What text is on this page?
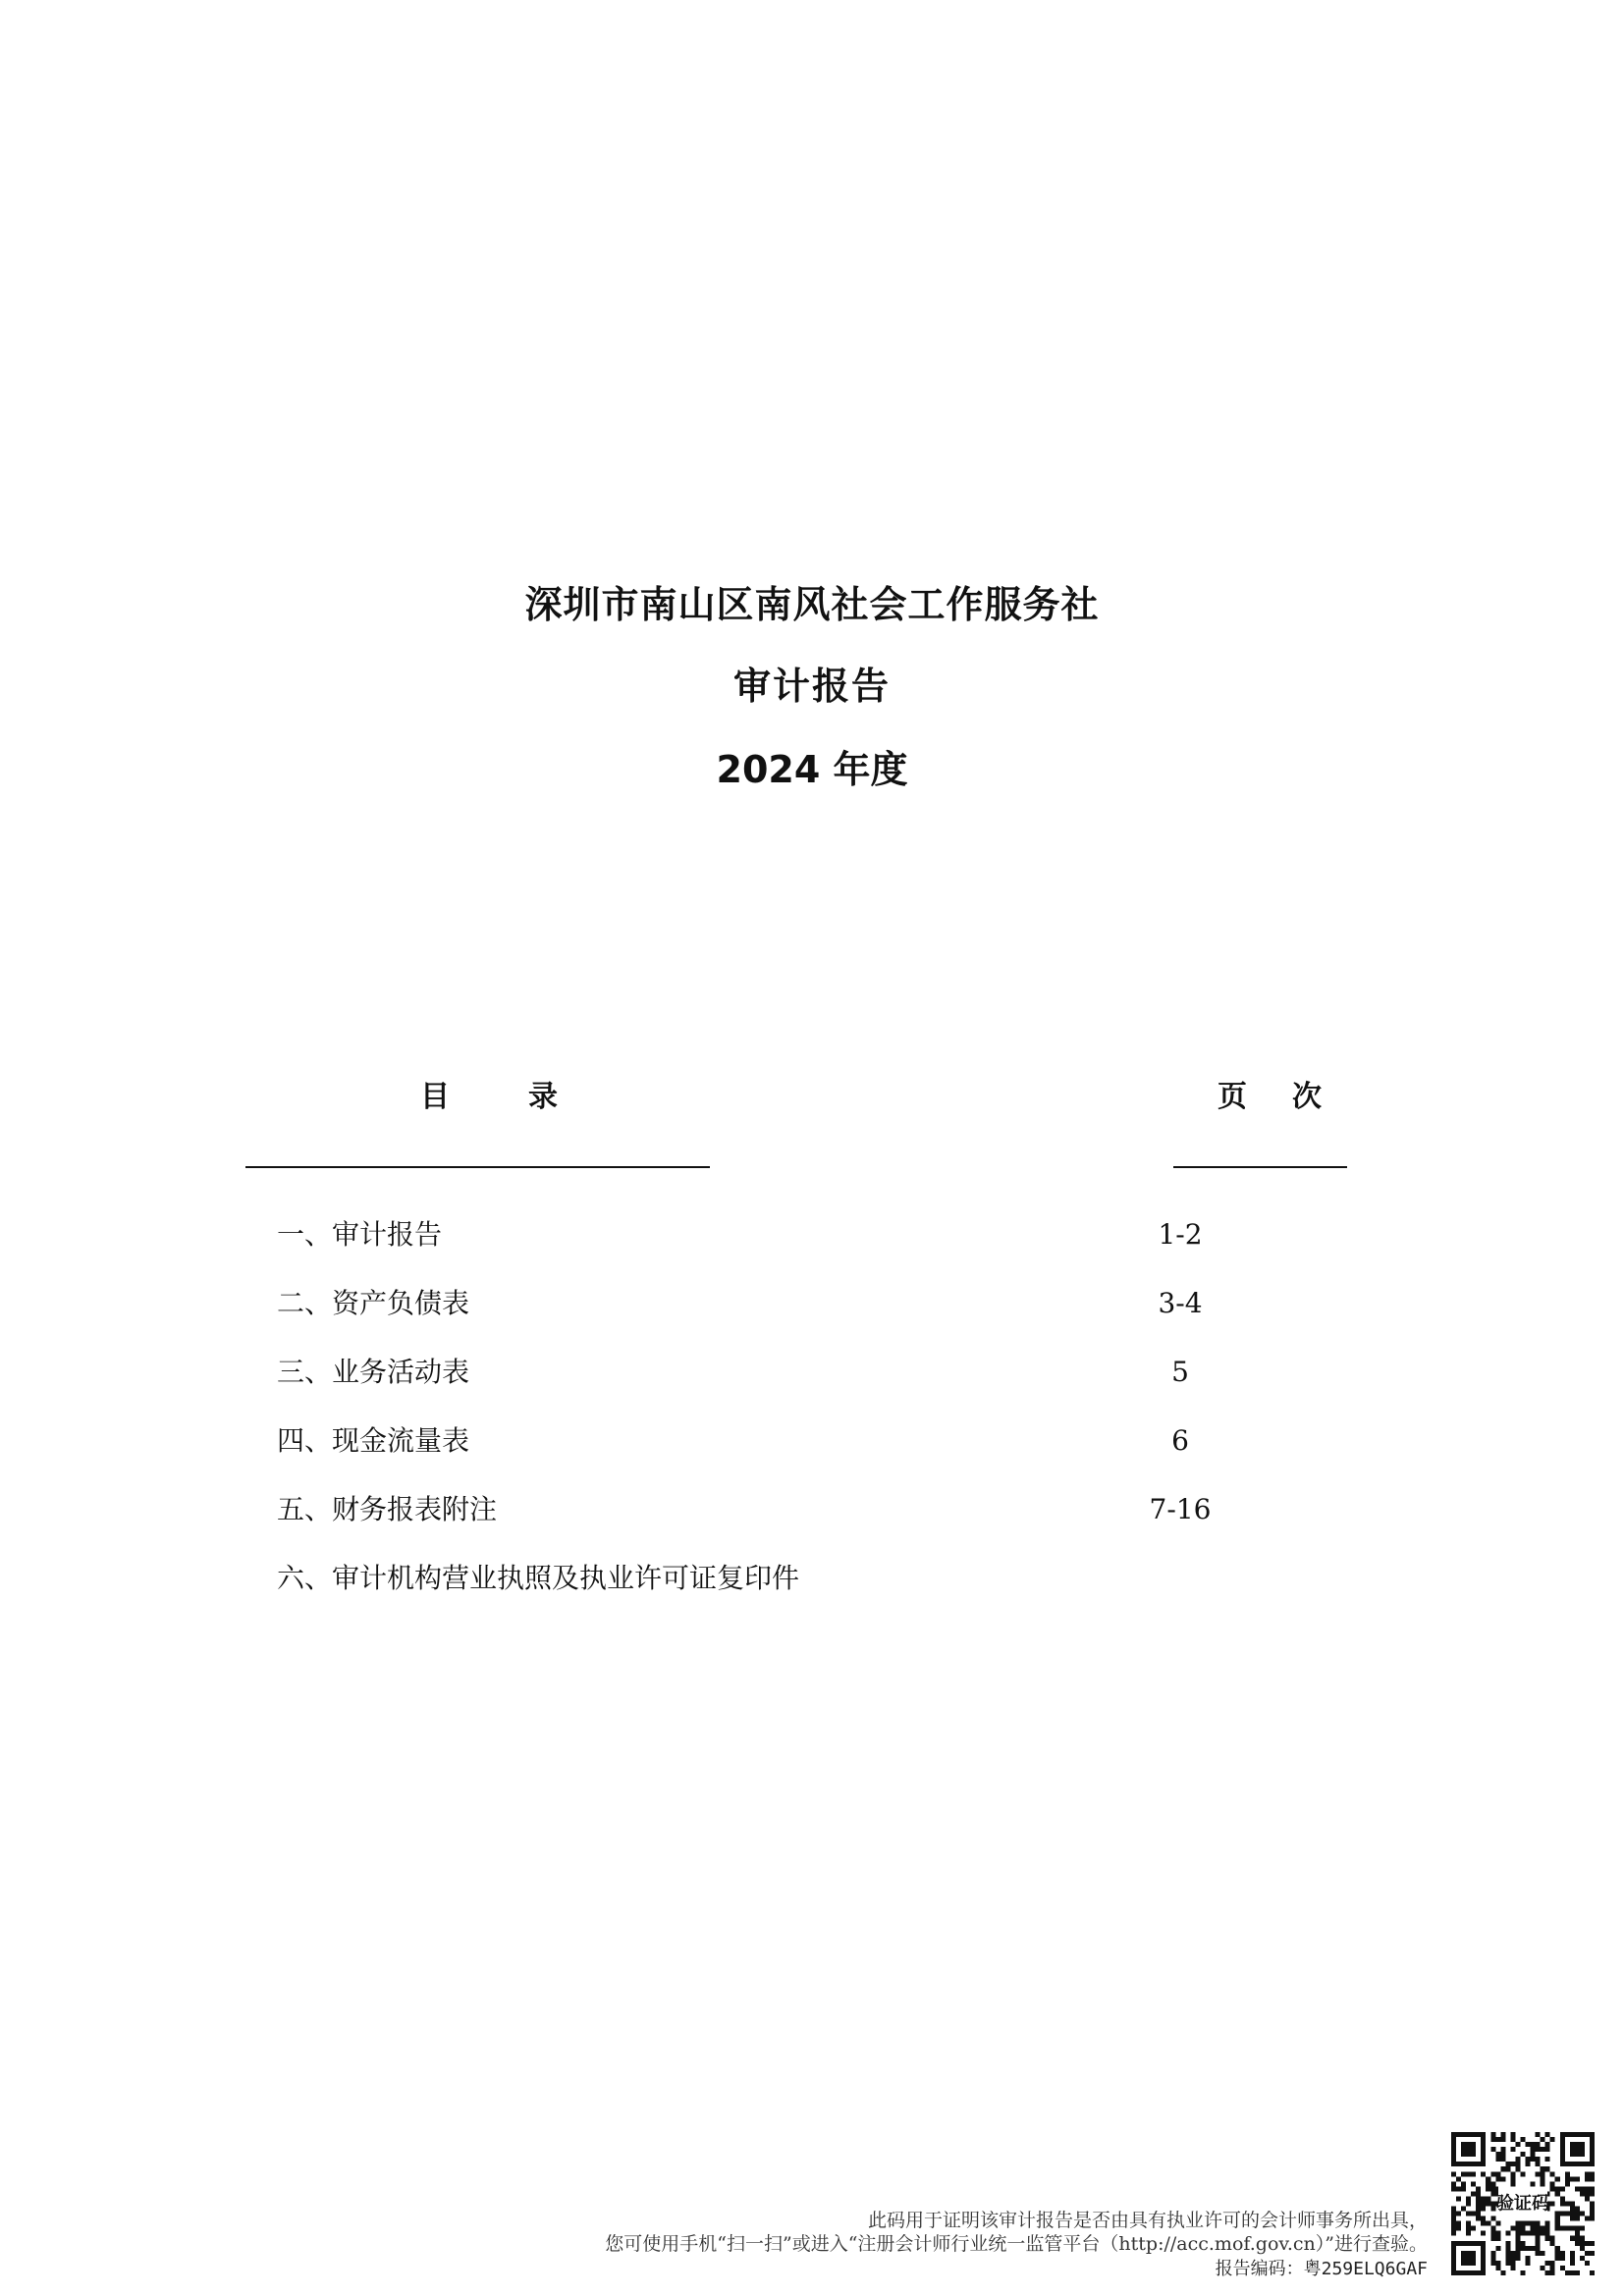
深圳市南山区南风社会工作服务社
审计报告
2024 年度
目	录	页 次
一、审计报告	1-2
二、资产负债表	3-4
三、业务活动表	5
四、现金流量表	6
五、财务报表附注	7-16
六、审计机构营业执照及执业许可证复印件
此码用于证明该审计报告是否由具有执业许可的会计师事务所出具，
您可使用手机“扫一扫”或进入“注册会计师行业统一监管平台（http://acc.mof.gov.cn）”进行查验。
报告编码：粤259ELQ6GAF
验证码
